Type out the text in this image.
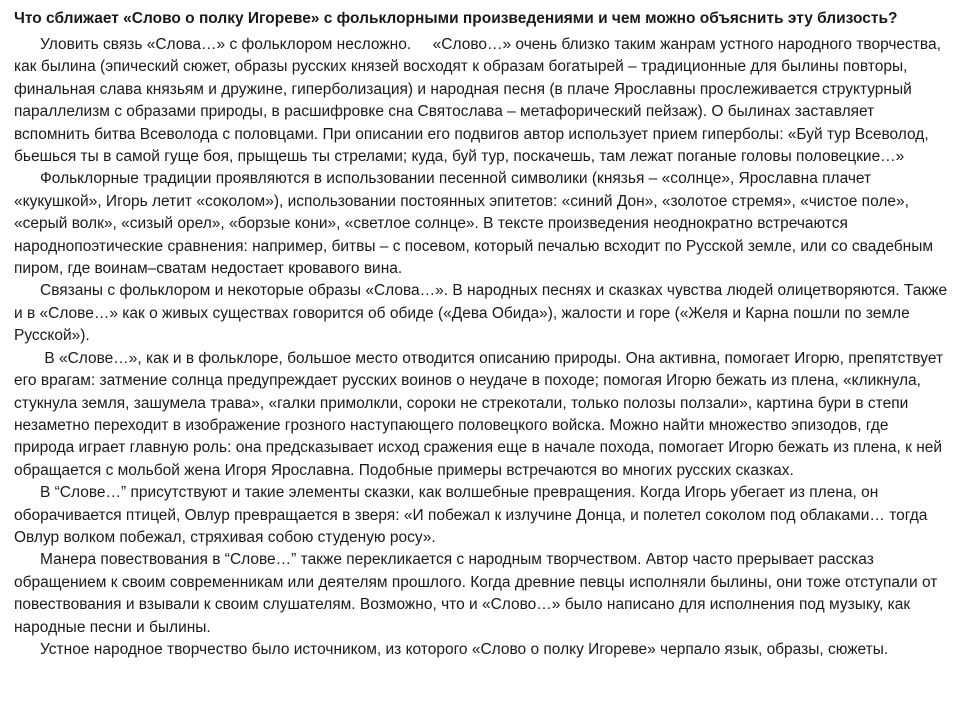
Что сближает «Слово о полку Игореве» с фольклорными произведениями и чем можно объяснить эту близость?

Уловить связь «Слова…» с фольклором несложно.     «Слово…» очень близко таким жанрам устного народного творчества, как былина (эпический сюжет, образы русских князей восходят к образам богатырей – традиционные для былины повторы, финальная слава князьям и дружине, гиперболизация) и народная песня (в плаче Ярославны прослеживается структурный параллелизм с образами природы, в расшифровке сна Святослава – метафорический пейзаж). О былинах заставляет вспомнить битва Всеволода с половцами. При описании его подвигов автор использует прием гиперболы: «Буй тур Всеволод, бьешься ты в самой гуще боя, прыщешь ты стрелами; куда, буй тур, поскачешь, там лежат поганые головы половецкие…»

Фольклорные традиции проявляются в использовании песенной символики (князья – «солнце», Ярославна плачет «кукушкой», Игорь летит «соколом»), использовании постоянных эпитетов: «синий Дон», «золотое стремя», «чистое поле», «серый волк», «сизый орел», «борзые кони», «светлое солнце». В тексте произведения неоднократно встречаются народнопоэтические сравнения: например, битвы – с посевом, который печалью всходит по Русской земле, или со свадебным пиром, где воинам–сватам недостает кровавого вина.

Связаны с фольклором и некоторые образы «Слова…». В народных песнях и сказках чувства людей олицетворяются. Также и в «Слове…» как о живых существах говорится об обиде («Дева Обида»), жалости и горе («Желя и Карна пошли по земле Русской»).

В «Слове…», как и в фольклоре, большое место отводится описанию природы. Она активна, помогает Игорю, препятствует его врагам: затмение солнца предупреждает русских воинов о неудаче в походе; помогая Игорю бежать из плена, «кликнула, стукнула земля, зашумела трава», «галки примолкли, сороки не стрекотали, только полозы ползали», картина бури в степи незаметно переходит в изображение грозного наступающего половецкого войска. Можно найти множество эпизодов, где природа играет главную роль: она предсказывает исход сражения еще в начале похода, помогает Игорю бежать из плена, к ней обращается с мольбой жена Игоря Ярославна. Подобные примеры встречаются во многих русских сказках.

В “Слове…” присутствуют и такие элементы сказки, как волшебные превращения. Когда Игорь убегает из плена, он оборачивается птицей, Овлур превращается в зверя: «И побежал к излучине Донца, и полетел соколом под облаками… тогда Овлур волком побежал, стряхивая собою студеную росу».

Манера повествования в “Слове…” также перекликается с народным творчеством. Автор часто прерывает рассказ обращением к своим современникам или деятелям прошлого. Когда древние певцы исполняли былины, они тоже отступали от повествования и взывали к своим слушателям. Возможно, что и «Слово…» было написано для исполнения под музыку, как народные песни и былины.

Устное народное творчество было источником, из которого «Слово о полку Игореве» черпало язык, образы, сюжеты.
